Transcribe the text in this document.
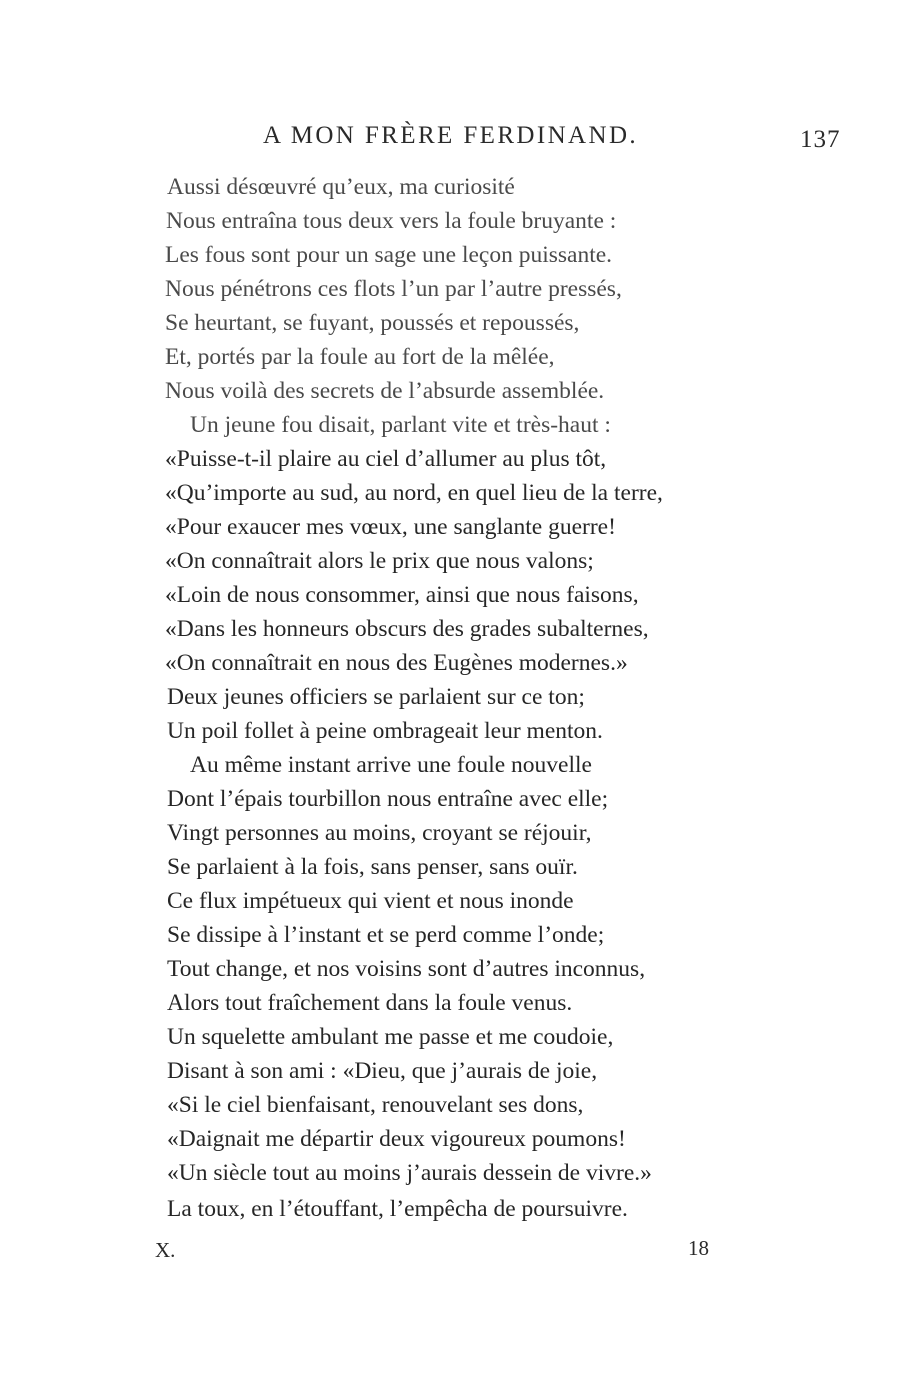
A MON FRÈRE FERDINAND.	137
Aussi désœuvré qu’eux, ma curiosité
Nous entraîna tous deux vers la foule bruyante :
Les fous sont pour un sage une leçon puissante.
Nous pénétrons ces flots l’un par l’autre pressés,
Se heurtant, se fuyant, poussés et repoussés,
Et, portés par la foule au fort de la mêlée,
Nous voilà des secrets de l’absurde assemblée.
Un jeune fou disait, parlant vite et très-haut :
«Puisse-t-il plaire au ciel d’allumer au plus tôt,
«Qu’importe au sud, au nord, en quel lieu de la terre,
«Pour exaucer mes vœux, une sanglante guerre!
«On connaîtrait alors le prix que nous valons;
«Loin de nous consommer, ainsi que nous faisons,
«Dans les honneurs obscurs des grades subalternes,
«On connaîtrait en nous des Eugènes modernes.»
Deux jeunes officiers se parlaient sur ce ton;
Un poil follet à peine ombrageait leur menton.
Au même instant arrive une foule nouvelle
Dont l’épais tourbillon nous entraîne avec elle;
Vingt personnes au moins, croyant se réjouir,
Se parlaient à la fois, sans penser, sans ouïr.
Ce flux impétueux qui vient et nous inonde
Se dissipe à l’instant et se perd comme l’onde;
Tout change, et nos voisins sont d’autres inconnus,
Alors tout fraîchement dans la foule venus.
Un squelette ambulant me passe et me coudoie,
Disant à son ami : «Dieu, que j’aurais de joie,
«Si le ciel bienfaisant, renouvelant ses dons,
«Daignait me départir deux vigoureux poumons!
«Un siècle tout au moins j’aurais dessein de vivre.»
La toux, en l’étouffant, l’empêcha de poursuivre.
X.	18
